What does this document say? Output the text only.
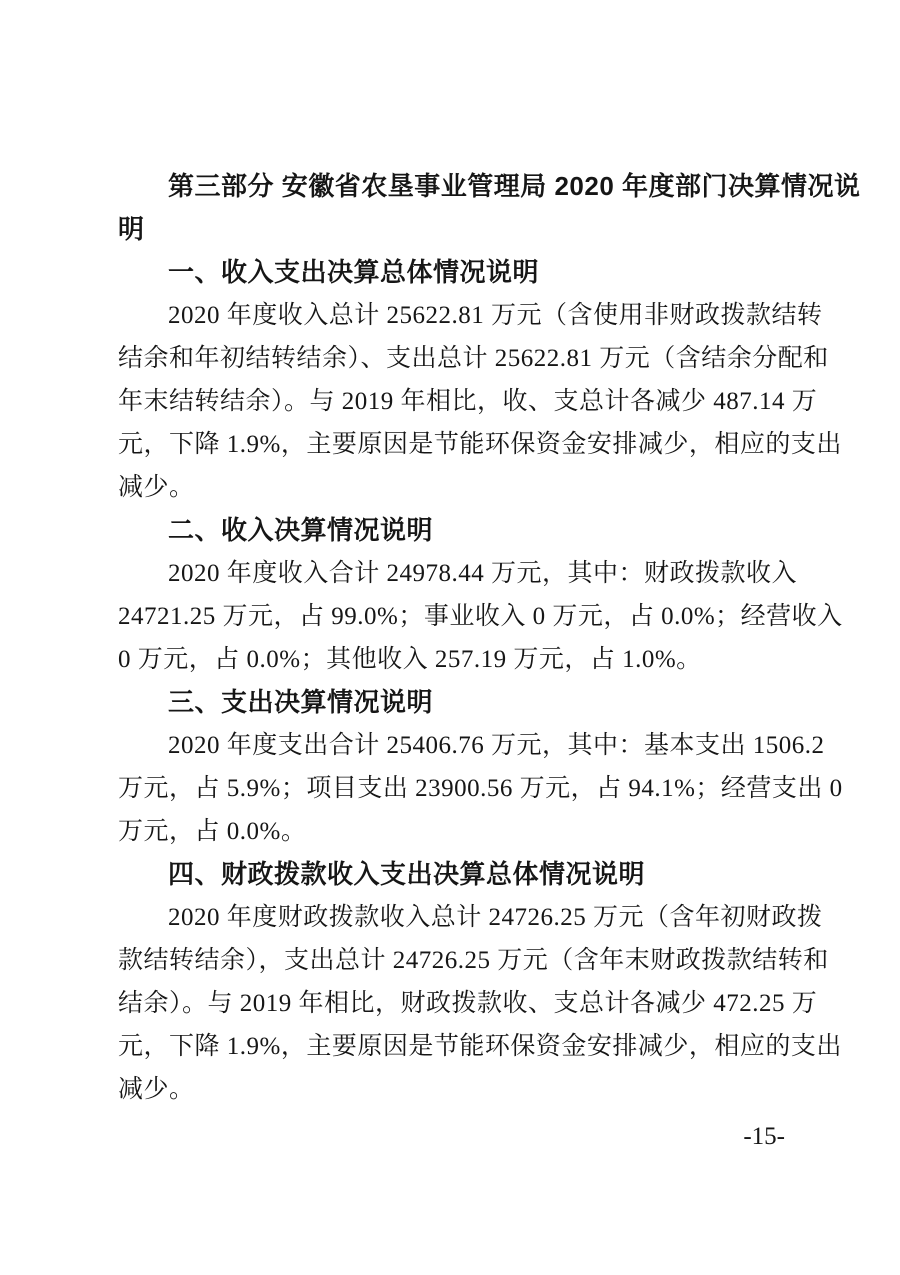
第三部分 安徽省农垦事业管理局 2020 年度部门决算情况说
明
一、收入支出决算总体情况说明
2020 年度收入总计 25622.81 万元（含使用非财政拨款结转
结余和年初结转结余）、支出总计 25622.81 万元（含结余分配和
年末结转结余）。与 2019 年相比，收、支总计各减少 487.14 万
元，下降 1.9%，主要原因是节能环保资金安排减少，相应的支出
减少。
二、收入决算情况说明
2020 年度收入合计 24978.44 万元，其中：财政拨款收入
24721.25 万元，占 99.0%；事业收入 0 万元，占 0.0%；经营收入
0 万元，占 0.0%；其他收入 257.19 万元，占 1.0%。
三、支出决算情况说明
2020 年度支出合计 25406.76 万元，其中：基本支出 1506.2
万元，占 5.9%；项目支出 23900.56 万元，占 94.1%；经营支出 0
万元，占 0.0%。
四、财政拨款收入支出决算总体情况说明
2020 年度财政拨款收入总计 24726.25 万元（含年初财政拨
款结转结余），支出总计 24726.25 万元（含年末财政拨款结转和
结余）。与 2019 年相比，财政拨款收、支总计各减少 472.25 万
元，下降 1.9%，主要原因是节能环保资金安排减少，相应的支出
减少。
-15-
